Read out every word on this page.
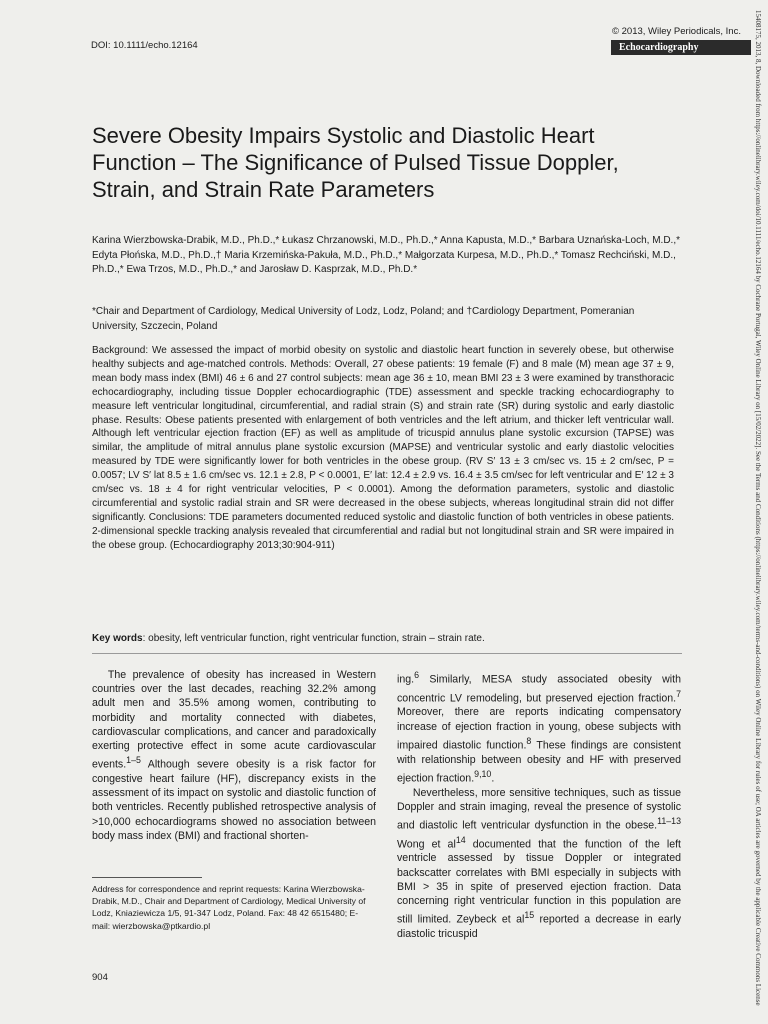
DOI: 10.1111/echo.12164
© 2013, Wiley Periodicals, Inc.
Echocardiography	15408175, 2013, 8, Downloaded from https://onlinelibrary.wiley.com/doi/10.1111/echo.12164 by Cochrane Portugal, Wiley Online Library on [15/02/2022]. See the Terms and Conditions (https://onlinelibrary.wiley.com/terms-and-conditions) on Wiley Online Library for rules of use; OA articles are governed by the applicable Creative Commons License
Severe Obesity Impairs Systolic and Diastolic Heart Function – The Significance of Pulsed Tissue Doppler, Strain, and Strain Rate Parameters
Karina Wierzbowska-Drabik, M.D., Ph.D.,* Łukasz Chrzanowski, M.D., Ph.D.,* Anna Kapusta, M.D.,* Barbara Uznańska-Loch, M.D.,* Edyta Płońska, M.D., Ph.D.,† Maria Krzemińska-Pakuła, M.D., Ph.D.,* Małgorzata Kurpesa, M.D., Ph.D.,* Tomasz Rechciński, M.D., Ph.D.,* Ewa Trzos, M.D., Ph.D.,* and Jarosław D. Kasprzak, M.D., Ph.D.*
*Chair and Department of Cardiology, Medical University of Lodz, Lodz, Poland; and †Cardiology Department, Pomeranian University, Szczecin, Poland

Background: We assessed the impact of morbid obesity on systolic and diastolic heart function in severely obese, but otherwise healthy subjects and age-matched controls. Methods: Overall, 27 obese patients: 19 female (F) and 8 male (M) mean age 37 ± 9, mean body mass index (BMI) 46 ± 6 and 27 control subjects: mean age 36 ± 10, mean BMI 23 ± 3 were examined by transthoracic echocardiography, including tissue Doppler echocardiographic (TDE) assessment and speckle tracking echocardiography to measure left ventricular longitudinal, circumferential, and radial strain (S) and strain rate (SR) during systolic and early diastolic phase. Results: Obese patients presented with enlargement of both ventricles and the left atrium, and thicker left ventricular wall. Although left ventricular ejection fraction (EF) as well as amplitude of tricuspid annulus plane systolic excursion (TAPSE) was similar, the amplitude of mitral annulus plane systolic excursion (MAPSE) and ventricular systolic and early diastolic velocities measured by TDE were significantly lower for both ventricles in the obese group. (RV S′ 13 ± 3 cm/sec vs. 15 ± 2 cm/sec, P = 0.0057; LV S′ lat 8.5 ± 1.6 cm/sec vs. 12.1 ± 2.8, P < 0.0001, E′ lat: 12.4 ± 2.9 vs. 16.4 ± 3.5 cm/sec for left ventricular and E′ 12 ± 3 cm/sec vs. 18 ± 4 for right ventricular velocities, P < 0.0001). Among the deformation parameters, systolic and diastolic circumferential and systolic radial strain and SR were decreased in the obese subjects, whereas longitudinal strain did not differ significantly. Conclusions: TDE parameters documented reduced systolic and diastolic function of both ventricles in obese patients. 2-dimensional speckle tracking analysis revealed that circumferential and radial but not longitudinal strain and SR were impaired in the obese group. (Echocardiography 2013;30:904-911)

Key words: obesity, left ventricular function, right ventricular function, strain – strain rate.

The prevalence of obesity has increased in Western countries over the last decades, reaching 32.2% among adult men and 35.5% among women, contributing to morbidity and mortality connected with diabetes, cardiovascular complications, and cancer and paradoxically exerting protective effect in some acute cardiovascular events.$^{1-5}$ Although severe obesity is a risk factor for congestive heart failure (HF), discrepancy exists in the assessment of its impact on systolic and diastolic function of both ventricles. Recently published retrospective analysis of >10,000 echocardiograms showed no association between body mass index (BMI) and fractional shorten-

ing.$^6$ Similarly, MESA study associated obesity with concentric LV remodeling, but preserved ejection fraction.$^7$ Moreover, there are reports indicating compensatory increase of ejection fraction in young, obese subjects with impaired diastolic function.$^8$ These findings are consistent with relationship between obesity and HF with preserved ejection fraction.$^{9,10}$.

Nevertheless, more sensitive techniques, such as tissue Doppler and strain imaging, reveal the presence of systolic and diastolic left ventricular dysfunction in the obese.$^{11-13}$ Wong et $al^{14}$ documented that the function of the left ventricle assessed by tissue Doppler or integrated backscatter correlates with BMI especially in subjects with BMI > 35 in spite of preserved ejection fraction. Data concerning right ventricular function in this population are still limited. Zeybeck et $al^{15}$ reported a decrease in early diastolic tricuspid

Address for correspondence and reprint requests: Karina Wierzbowska-Drabik, M.D., Chair and Department of Cardiology, Medical University of Lodz, Kniaziewicza 1/5, 91-347 Lodz, Poland. Fax: 48 42 6515480; E-mail: wierzbowska@ptkardio.pl
904
